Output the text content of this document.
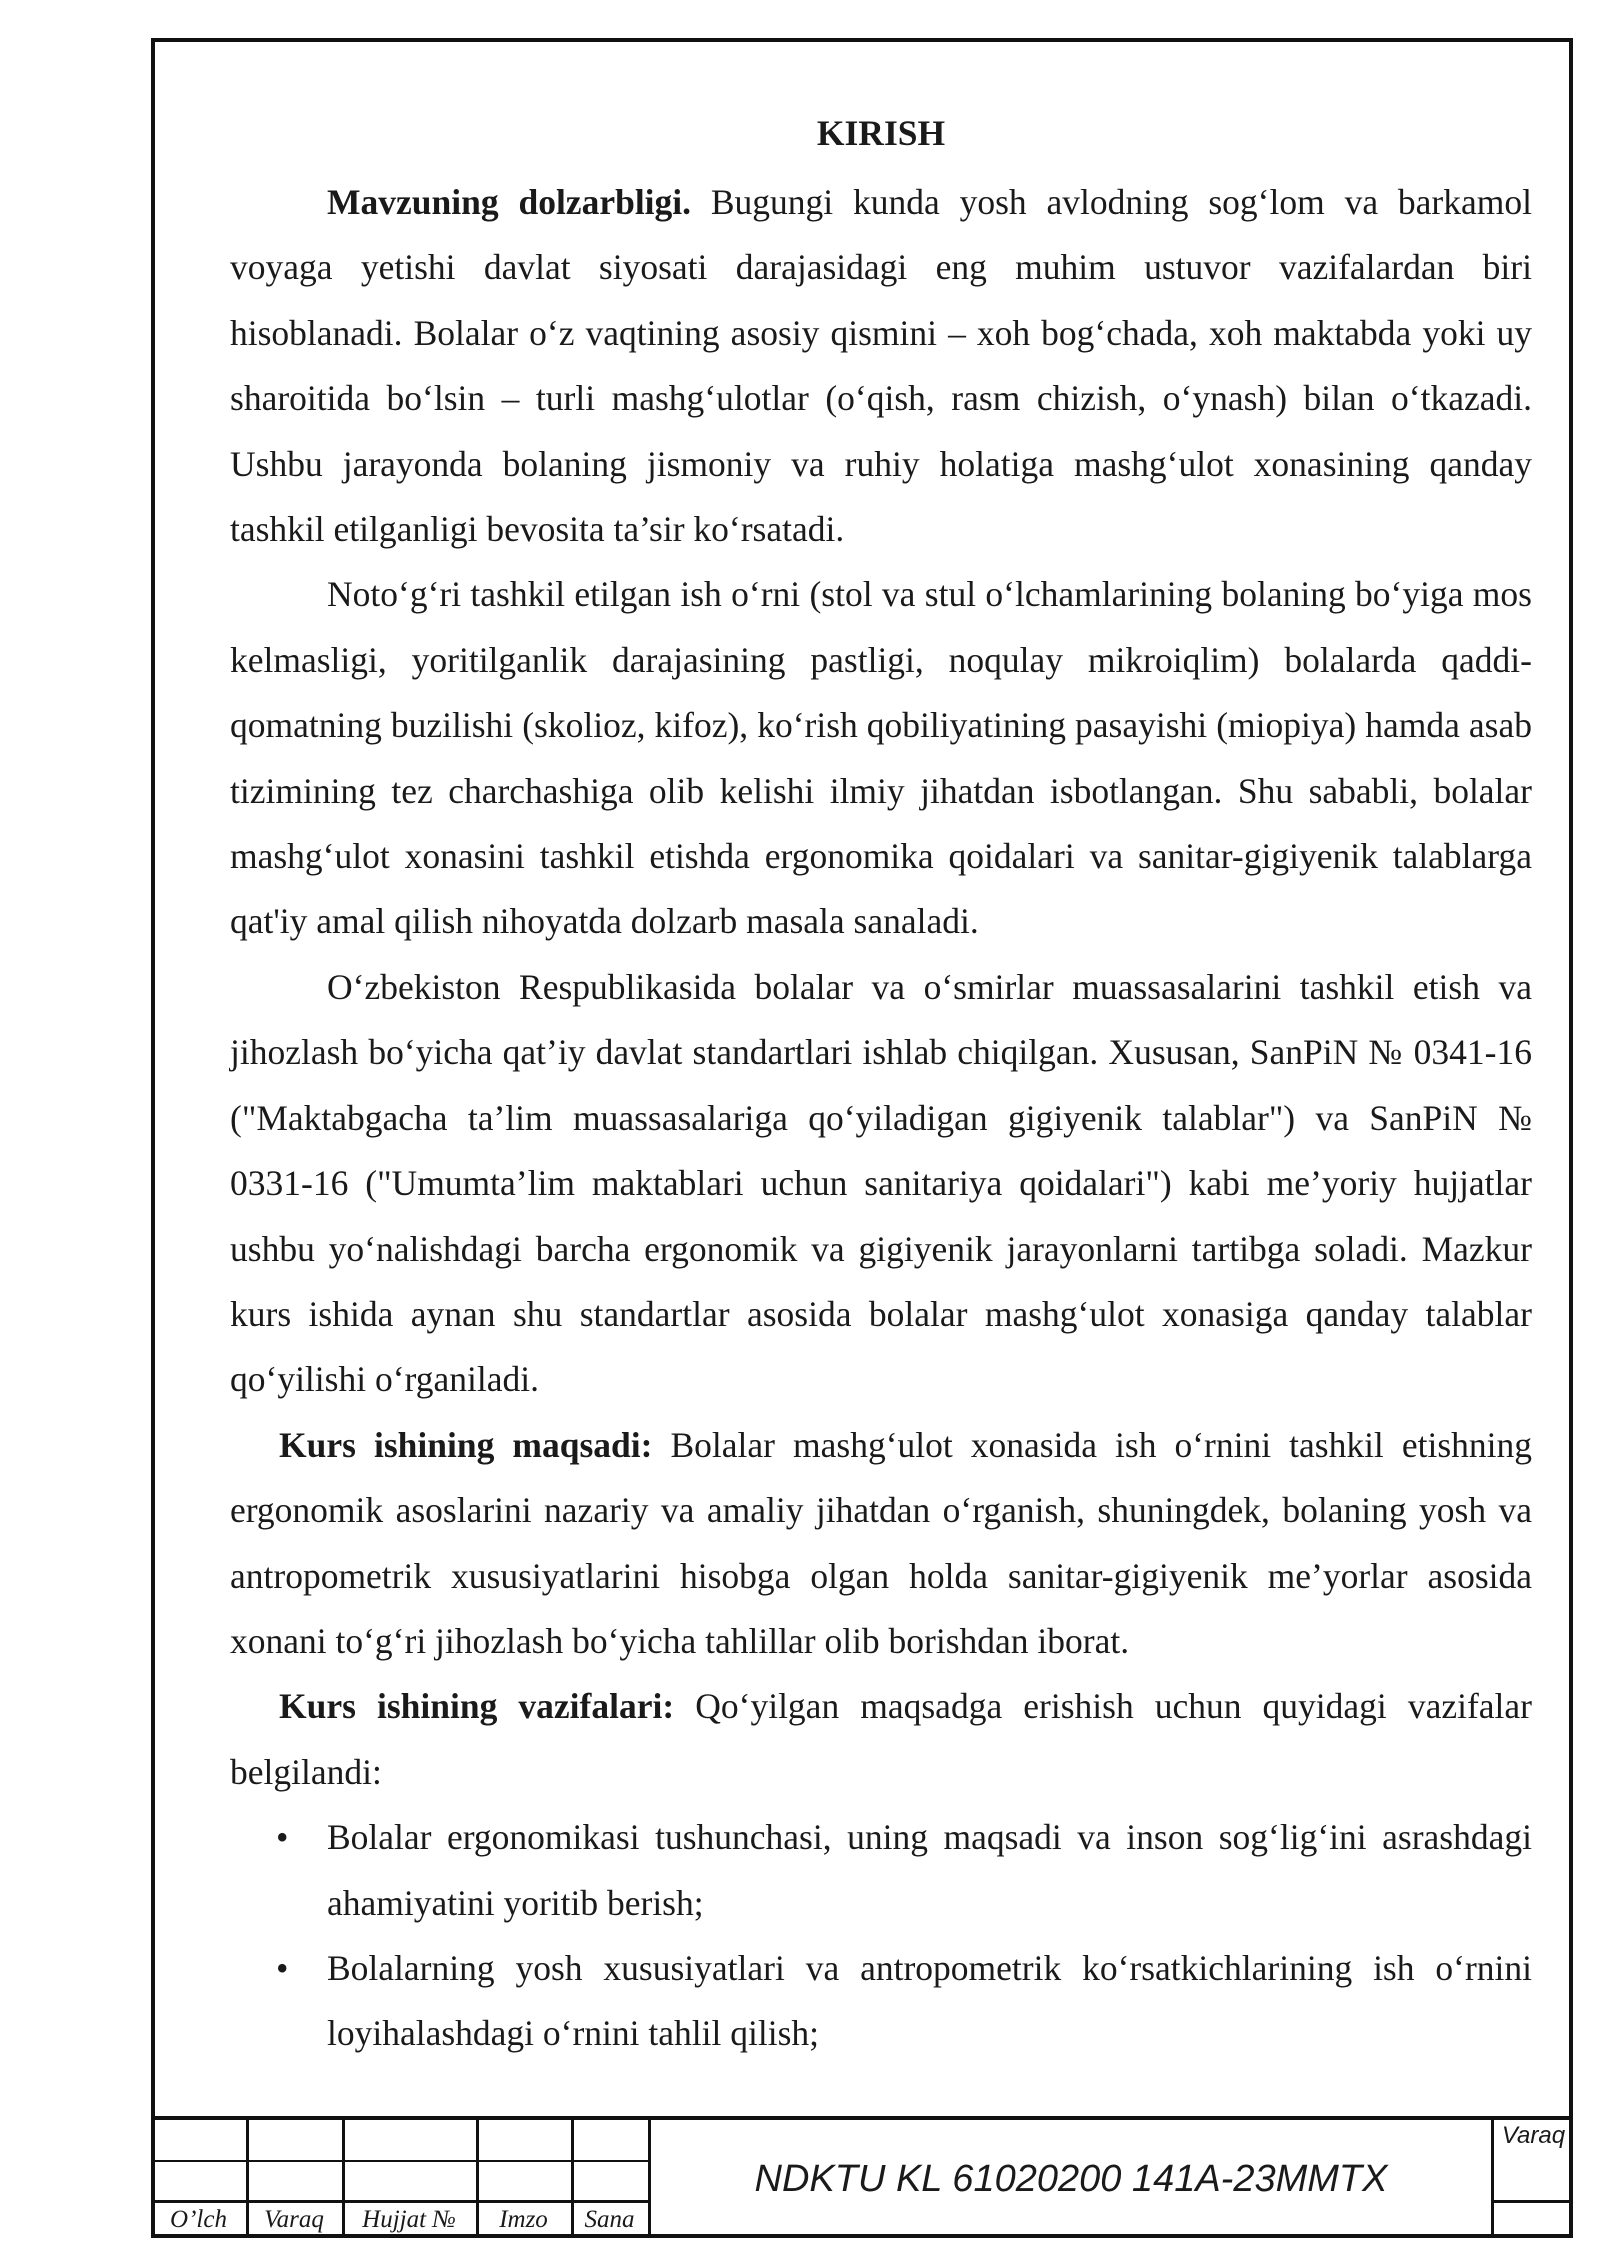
KIRISH

Mavzuning dolzarbligi. Bugungi kunda yosh avlodning sog‘lom va barkamol voyaga yetishi davlat siyosati darajasidagi eng muhim ustuvor vazifalardan biri hisoblanadi. Bolalar o‘z vaqtining asosiy qismini – xoh bog‘chada, xoh maktabda yoki uy sharoitida bo‘lsin – turli mashg‘ulotlar (o‘qish, rasm chizish, o‘ynash) bilan o‘tkazadi. Ushbu jarayonda bolaning jismoniy va ruhiy holatiga mashg‘ulot xonasining qanday tashkil etilganligi bevosita ta’sir ko‘rsatadi.

Noto‘g‘ri tashkil etilgan ish o‘rni (stol va stul o‘lchamlarining bolaning bo‘yiga mos kelmasligi, yoritilganlik darajasining pastligi, noqulay mikroiqlim) bolalarda qaddi-qomatning buzilishi (skolioz, kifoz), ko‘rish qobiliyatining pasayishi (miopiya) hamda asab tizimining tez charchashiga olib kelishi ilmiy jihatdan isbotlangan. Shu sababli, bolalar mashg‘ulot xonasini tashkil etishda ergonomika qoidalari va sanitar-gigiyenik talablarga qat'iy amal qilish nihoyatda dolzarb masala sanaladi.

O‘zbekiston Respublikasida bolalar va o‘smirlar muassasalarini tashkil etish va jihozlash bo‘yicha qat’iy davlat standartlari ishlab chiqilgan. Xususan, SanPiN № 0341-16 ("Maktabgacha ta’lim muassasalariga qo‘yiladigan gigiyenik talablar") va SanPiN № 0331-16 ("Umumta’lim maktablari uchun sanitariya qoidalari") kabi me’yoriy hujjatlar ushbu yo‘nalishdagi barcha ergonomik va gigiyenik jarayonlarni tartibga soladi. Mazkur kurs ishida aynan shu standartlar asosida bolalar mashg‘ulot xonasiga qanday talablar qo‘yilishi o‘rganiladi.

Kurs ishining maqsadi: Bolalar mashg‘ulot xonasida ish o‘rnini tashkil etishning ergonomik asoslarini nazariy va amaliy jihatdan o‘rganish, shuningdek, bolaning yosh va antropometrik xususiyatlarini hisobga olgan holda sanitar-gigiyenik me’yorlar asosida xonani to‘g‘ri jihozlash bo‘yicha tahlillar olib borishdan iborat.

Kurs ishining vazifalari: Qo‘yilgan maqsadga erishish uchun quyidagi vazifalar belgilandi:

• Bolalar ergonomikasi tushunchasi, uning maqsadi va inson sog‘lig‘ini asrashdagi ahamiyatini yoritib berish;
• Bolalarning yosh xususiyatlari va antropometrik ko‘rsatkichlarining ish o‘rnini loyihalashdagi o‘rnini tahlil qilish;
O’lch	Varaq	Hujjat №	Imzo	Sana
NDKTU KL 61020200 141A-23MMTX
Varaq
